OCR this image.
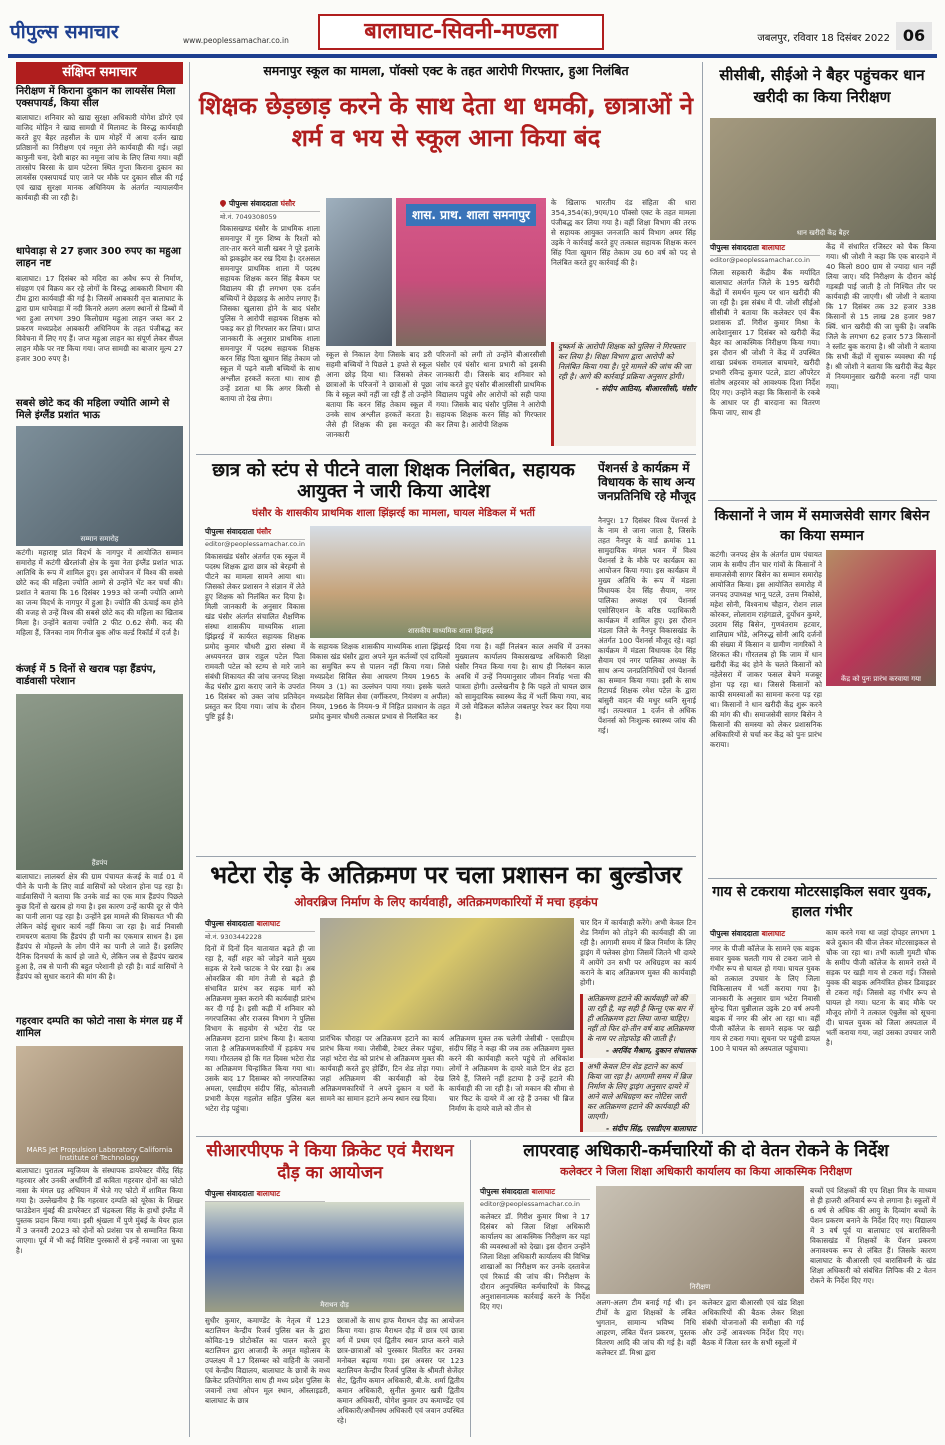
पीपुल्स समाचार	www.peoplessamachar.co.in	बालाघाट-सिवनी-मण्डला	जबलपुर, रविवार 18 दिसंबर 2022 06
संक्षिप्त समाचार
निरीक्षण में किराना दुकान का लायसेंस मिला एक्सपायर्ड, किया सील
बालाघाट। शनिवार को खाद्य सुरक्षा अधिकारी योगेश डोंगरे एवं वाजिद मोहिन ने खाद्य सामग्री में मिलावट के विरुद्ध कार्यवाही करते हुए बैहर तहसील के ग्राम मोहर्रे में आया दर्जन खाद्य प्रतिष्ठानों का निरीक्षण एवं नमूना लेने कार्यवाही की गई। जहां काफुनी चना, देशी बाहर का नमूना जांच के लिए लिया गया। वहीं तारसोप बिरसा के ग्राम पटेरना स्थित गुप्ता किराना दुकान का लायसेंस एक्सपायर्ड पाए जाने पर मौके पर दुकान सील की गई एवं खाद्य सुरक्षा मानक अधिनियम के अंतर्गत न्यायालयीन कार्यवाही की जा रही है।
धापेवाड़ा से 27 हजार 300 रुपए का महुआ लाहन नष्ट
बालाघाट। 17 दिसंबर को मदिरा का अवैध रूप से निर्माण, संग्रहण एवं विक्रय कर रहे लोगों के विरुद्ध आबकारी विभाग की टीम द्वारा कार्यवाही की गई है। जिसमें आबकारी वृत्त बालाघाट के द्वारा ग्राम धापेवाड़ा में नदी किनारे अलग अलग स्थानों से डिब्बों में भरा हुआ लगभग 390 किलोग्राम महुआ लाहन जब्त कर 2 प्रकरण मध्यप्रदेश आबकारी अधिनियम के तहत पंजीबद्ध कर विवेचना में लिए गए हैं। जप्त महुआ लाहन का संपूर्ण लेकर सैंपल लाहन मौके पर नष्ट किया गया। जप्त सामग्री का बाजार मूल्य 27 हजार 300 रुपए है।
सबसे छोटे कद की महिला ज्योति आम्गे से मिले इंग्लैंड प्रशांत भाऊ
सम्मान समारोह
कटंगी। महाराष्ट्र प्रांत विदर्भ के नागपुर में आयोजित सम्मान समारोह में कटंगी खैरलांजी क्षेत्र के युवा नेता इंग्लैंड प्रशांत भाऊ आतिथि के रूप में शामिल हुए। इस आयोजन में विश्व की सबसे छोटे कद की महिला ज्योति आम्गे से उन्होंने भेंट कर चर्चा की। प्रशांत ने बताया कि 16 दिसंबर 1993 को जन्मी ज्योति आम्गे का जन्म विदर्भ के नागपुर में हुआ है। ज्योति की ऊंचाई कम होने की वजह से उन्हें विश्व की सबसे छोटे कद की महिला का खिताब मिला है। उन्होंने बताया ज्योति 2 फीट 0.62 सेमी. कद की महिला हैं, जिनका नाम गिनीज बुक ऑफ वर्ल्ड रिकॉर्ड में दर्ज है।
कंजई में 5 दिनों से खराब पड़ा हैंडपंप, वार्डवासी परेशान
हैंडपंप
बालाघाट। लालबर्रा क्षेत्र की ग्राम पंचायत कंजई के वार्ड 01 में पीने के पानी के लिए वार्ड वासियों को परेशान होना पड़ रहा है। वार्डवासियों ने बताया कि उनके वार्ड का एक मात्र हैंडपंप पिछले कुछ दिनों से खराब हो गया है। इस कारण उन्हें काफी दूर से पीने का पानी लाना पड़ रहा है। उन्होंने इस मामले की शिकायत भी की लेकिन कोई सुधार कार्य नहीं किया जा रहा है। वार्ड निवासी रामचरण बताया कि हैंडपंप ही पानी का एकमात्र साधन है। इस हैंडपंप से मोहल्ले के लोग पीने का पानी ले जाते हैं। इसलिए दैनिक दिनचर्या के कार्य हो जाते थे, लेकिन जब से हैंडपंप खराब हुआ है, तब से पानी की बहुत परेशानी हो रही है। वार्ड वासियों ने हैंडपंप को सुधार कराने की मांग की है।
गहरवार दम्पति का फोटो नासा के मंगल ग्रह में शामिल
MARS Jet Propulsion Laboratory California Institute of Technology
बालाघाट। पुरातत्व म्यूजियम के संस्थापक डायरेक्टर वीरेंद्र सिंह गहरवार और उनकी अर्धांगिनी डॉ कविता गहरवार दोनों का फोटो नासा के मंगल ग्रह अभियान में भेजे गए फोटो में शामिल किया गया है। उल्लेखनीय है कि गहरवार दम्पति को यूरेका के शिखर फाउंडेशन मुंबई की डायरेक्टर डॉ चंद्रकला सिंह के हाथों इंग्लैंड में पुस्तक प्रदान किया गया। इसी श्रृंखला में पुणे मुंबई के मेयर हाल में 3 जनवरी 2023 को दोनों को प्रशंसा पत्र से सम्मानित किया जाएगा। पूर्व में भी कई विशिष्ट पुरस्कारों से इन्हें नवाजा जा चुका है।
समनापुर स्कूल का मामला, पॉक्सो एक्ट के तहत आरोपी गिरफ्तार, हुआ निलंबित
शिक्षक छेड़छाड़ करने के साथ देता था धमकी, छात्राओं ने शर्म व भय से स्कूल आना किया बंद
पीपुल्स संवाददाता घंसौर
मो.नं. 7049308059
विकासखण्ड घंसौर के प्राथमिक शाला समनापुर में गुरु शिष्य के रिश्तों को तार-तार करने वाली खबर ने पूरे इलाके को झकझोर कर रख दिया है। दरअसल समनापुर प्राथमिक शाला में पदस्थ सहायक शिक्षक करन सिंह बैकम पर विद्यालय की ही लगभग एक दर्जन बच्चियों ने छेड़छाड़ के आरोप लगाए हैं। जिसका खुलासा होने के बाद घंसौर पुलिस ने आरोपी सहायक शिक्षक को पकड़ कर हो गिरफ्तार कर लिया। प्राप्त जानकारी के अनुसार प्राथमिक शाला समनापुर में पदस्थ सहायक शिक्षक करन सिंह पिता खुमान सिंह तेकाम जो स्कूल में पढ़ने वाली बच्चियों के साथ अश्लील हरकतें करता था। साथ ही उन्हें डराता था कि अगर किसी से बताया तो देख लेगा।
शास. प्राथ. शाला समनापुर
स्कूल से निकाल देगा जिसके बाद डरी सहमी बच्चियों ने पिछले 1 हफ्ते से स्कूल आना छोड़ दिया था। जिसको लेकर छात्राओं के परिजनों ने छात्राओं से पूछा कि वे स्कूल क्यों नहीं जा रही हैं तो उन्होंने बताया कि करन सिंह तेकाम स्कूल में उनके साथ अश्लील हरकतें करता है। जैसे ही शिक्षक की इस करतूत की जानकारी
परिजनों को लगी तो उन्होंने बीआरसीसी घंसौर एवं घंसौर थाना प्रभारी को इसकी जानकारी दी। जिसके बाद शनिवार को जांच करते हुए घंसौर बीआरसीसी प्राथमिक विद्यालय पहुंचे और आरोपों को सही पाया गया। जिसके बाद घंसौर पुलिस ने आरोपी सहायक शिक्षक करन सिंह को गिरफ्तार कर लिया है। आरोपी शिक्षक
के खिलाफ भारतीय दंड संहिता की धारा 354,354(क),9एम/10 पॉक्सो एक्ट के तहत मामला पंजीबद्ध कर लिया गया है। वहीं शिक्षा विभाग की तरफ से सहायक आयुक्त जनजाति कार्य विभाग अमर सिंह उइके ने कार्रवाई करते हुए तत्काल सहायक शिक्षक करन सिंह पिता खुमान सिंह तेकाम उम्र 60 वर्ष को पद से निलंबित करते हुए कार्रवाई की है।
दुष्कर्म के आरोपी शिक्षक को पुलिस ने गिरफ्तार कर लिया है। शिक्षा विभाग द्वारा आरोपी को निलंबित किया गया है। पूरे मामले की जांच की जा रही है। आगे की कार्रवाई प्रक्रिया अनुसार होगी।
- संदीप आठिया, बीआरसीसी, घंसौर
छात्र को स्टंप से पीटने वाला शिक्षक निलंबित, सहायक आयुक्त ने जारी किया आदेश
घंसौर के शासकीय प्राथमिक शाला झिंझरई का मामला, घायल मेडिकल में भर्ती
पीपुल्स संवाददाता घंसौर
editor@peoplessamachar.co.in
विकासखंड घंसौर अंतर्गत एक स्कूल में पदस्थ शिक्षक द्वारा छात्र को बेरहमी से पीटने का मामला सामने आया था। जिसको लेकर प्रशासन ने संज्ञान में लेते हुए शिक्षक को निलंबित कर दिया है। मिली जानकारी के अनुसार विकास खंड घंसौर अंतर्गत संचालित शैक्षणिक संस्था शासकीय माध्यमिक शाला झिंझरई में कार्यरत सहायक शिक्षक प्रमोद कुमार चौधरी द्वारा संस्था में अध्ययनरत छात्र राहुल पटेल पिता रामवती पटेल को स्टम्प से मारे जाने संबंधी शिकायत की जांच जनपद शिक्षा केंद्र घंसौर द्वारा कराए जाने के उपरांत 16 दिसंबर को उक्त जांच प्रतिवेदन प्रस्तुत कर दिया गया। जांच के दौरान पुष्टि हुई है।
शासकीय माध्यमिक शाला झिंझरई
के सहायक शिक्षक शासकीय माध्यमिक शाला झिंझरई विकास खंड घंसौर द्वारा अपने मूल कर्तव्यों एवं दायित्वों का समुचित रूप से पालन नहीं किया गया। जिसे मध्यप्रदेश सिविल सेवा आचरण नियम 1965 के नियम 3 (1) का उल्लंघन पाया गया। इसके चलते मध्यप्रदेश सिविल सेवा (वर्गीकरण, नियंत्रण व अपील) नियम, 1966 के नियम-9 में निहित प्रावधान के तहत प्रमोद कुमार चौधरी तत्काल प्रभाव से निलंबित कर
दिया गया है। वहीं निलंबन काल अवधि में उनका मुख्यालय कार्यालय विकासखण्ड अधिकारी शिक्षा घंसौर नियत किया गया है। साथ ही निलंबन काल अवधि में उन्हें नियमानुसार जीवन निर्वाह भत्ता की पात्रता होगी। उल्लेखनीय है कि पहले तो घायल छात्र को सामुदायिक स्वास्थ्य केंद्र में भर्ती किया गया, बाद में उसे मेडिकल कॉलेज जबलपुर रेफर कर दिया गया है।
पेंशनर्स डे कार्यक्रम में विधायक के साथ अन्य जनप्रतिनिधि रहे मौजूद
नैनपुर। 17 दिसंबर विश्व पेंशनर्स डे के नाम से जाना जाता है, जिसके तहत नैनपुर के वार्ड क्रमांक 11 सामुदायिक मंगल भवन में विश्व पेंशनर्स डे के मौके पर कार्यक्रम का आयोजन किया गया। इस कार्यक्रम में मुख्य अतिथि के रूप में मंडला विधायक देव सिंह सैयाम, नगर पालिका अध्यक्ष एवं पेंशनर्स एसोसिएशन के वरिष्ठ पदाधिकारी कार्यक्रम में शामिल हुए। इस दौरान मंडला जिले के नैनपुर विकासखंड के अंतर्गत 100 पेंशनर्स मौजूद रहे। वहां कार्यक्रम में मंडला विधायक देव सिंह सैयाम एवं नगर पालिका अध्यक्ष के साथ अन्य जनप्रतिनिधियों एवं पेंशनर्स का सम्मान किया गया। इसी के साथ रिटायर्ड शिक्षक रमेश पटेल के द्वारा बांसुरी वादन की मधुर ध्वनि सुनाई गई। तत्पश्चात 1 दर्जन से अधिक पेंशनर्स को निःशुल्क स्वास्थ्य जांच की गई।
भटेरा रोड़ के अतिक्रमण पर चला प्रशासन का बुल्डोजर
ओवरब्रिज निर्माण के लिए कार्यवाही, अतिक्रमणकारियों में मचा हड़कंप
पीपुल्स संवाददाता बालाघाट
मो.नं. 9303442228
दिनों में दिनों दिन यातायात बढ़ते ही जा रहा है, वहीं शहर को जोड़ने वाले मुख्य सड़क से रेल्वे फाटक ने घेर रखा है। अब ओवरब्रिज की मांग तेजी से बढ़ते ही संभावित प्रारंभ कर सड़क मार्ग को अतिक्रमण मुक्त कराने की कार्यवाही प्रारंभ कर दी गई है। इसी कड़ी में शनिवार को नगरपालिका और राजस्व विभाग ने पुलिस विभाग के सहयोग से भटेरा रोड पर अतिक्रमण हटाना प्रारंभ किया है। बताया जाता है अतिक्रमणकारियों में हड़कंप मच गया। गौरतलब हो कि गत दिवस भटेरा रोड का अतिक्रमण चिन्हांकित किया गया था। उसके बाद 17 दिसम्बर को नगरपालिका अमला, एसडीएम संदीप सिंह, कोतवाली प्रभारी केएस गहलोत सहित पुलिस बल भटेरा रोड़ पहुंचा।
प्रारंभिक चौराहा पर अतिक्रमण हटाने का कार्य प्रारंभ किया गया। जेसीबी, टेक्टर लेकर पहुंचा, जहां भटेरा रोड को प्रारंभ से अतिक्रमण मुक्त की कार्यवाही करते हुए होर्डिंग, टिन शेड तोड़ा गया। जहां अतिक्रमण की कार्यवाही को देख अतिक्रमणकारियों ने अपने दुकान व घरों के सामने का सामान हटाने अन्य स्थान रख दिया।
अतिक्रमण मुक्त तक चलेगी जेसीबी - एसडीएम संदीप सिंह ने कहा की जब तक अतिक्रमण मुक्त करने की कार्यवाही करने पहुंचे तो अधिकांश लोगों ने अतिक्रमण के दायरे वाले टिन शेड हटा लिये हैं, जिसने नहीं हटाया है उन्हें हटाने की कार्यवाही की जा रही है। जो मकान की सीमा से चार फिट के दायरे में आ रहे हैं उनका भी ब्रिज निर्माण के दायरे वाले को तीन से
चार दिन में कार्यवाही करेंगे। अभी केवल टिन शेड निर्माण को तोड़ने की कार्यवाही की जा रही है। आगामी समय में ब्रिज निर्माण के लिए ड्राइंग में फ्लेक्स होगा जिसमें जितने भी दायरे में आयेंगे उन सभी पर अधिग्रहण का कार्य कराने के बाद अतिक्रमण मुक्त की कार्यवाही होगी।
अतिक्रमण हटाने की कार्यवाही जो की जा रही है, वह सही है किन्तु एक बार में ही अतिक्रमण हटा लिया जाना चाहिए। नहीं तो फिर दो-तीन वर्ष बाद अतिक्रमण के नाम पर तोड़फोड़ की जाती है।
- अरविंद मैश्राम, दुकान संचालक
अभी केवल टिन शेड हटाने का कार्य किया जा रहा है। आगामी समय में ब्रिज निर्माण के लिए ड्राइंग अनुसार दायरे में आने वाले अधिग्रहण कर नोटिस जारी कर अतिक्रमण हटाने की कार्यवाही की जाएगी।
- संदीप सिंह, एसडीएम बालाघाट
सीआरपीएफ ने किया क्रिकेट एवं मैराथन दौड़ का आयोजन
पीपुल्स संवाददाता बालाघाट
मैराथन दौड़
सुधीर कुमार, कमाण्डेंट के नेतृत्व में 123 बटालियन केन्द्रीय रिजर्व पुलिस बल के द्वारा कोविड-19 प्रोटोकॉल का पालन करते हुए बटालियन द्वारा आजादी के अमृत महोत्सव के उपलक्ष्य में 17 दिसम्बर को वाहिनी के जवानों एवं केन्द्रीय विद्यालय, बालाघाट के छात्रों के मध्य क्रिकेट प्रतियोगिता साथ ही मध्य प्रदेश पुलिस के जवानों तथा ओपन मूल स्थान, ऑस्लाइडरी, बालाघाट के छात्र
छात्राओं के साथ हाफ मैराथन दौड़ का आयोजन किया गया। हाफ मैराथन दौड़ में छात्र एवं छात्रा वर्ग में प्रथम एवं द्वितीय स्थान प्राप्त करने वाले छात्र-छात्राओं को पुरस्कार वितरित कर उनका मनोबल बढ़ाया गया। इस अवसर पर 123 बटालियन केन्द्रीय रिजर्व पुलिस के श्रीमती सेजेंदर सेट, द्वितीय कमान अधिकारी, बी.के. शर्मा द्वितीय कमान अधिकारी, सुनील कुमार खत्री द्वितीय कमान अधिकारी, योगेश कुमार उप कमाण्डेंट एवं अधिकारी/अधीनस्थ अधिकारी एवं जवान उपस्थित रहे।
लापरवाह अधिकारी-कर्मचारियों की दो वेतन रोकने के निर्देश
कलेक्टर ने जिला शिक्षा अधिकारी कार्यालय का किया आकस्मिक निरीक्षण
पीपुल्स संवाददाता बालाघाट
editor@peoplessamachar.co.in
कलेक्टर डॉ. गिरीश कुमार मिश्रा ने 17 दिसंबर को जिला शिक्षा अधिकारी कार्यालय का आकस्मिक निरीक्षण कर यहां की व्यवस्थाओं को देखा। इस दौरान उन्होंने जिला शिक्षा अधिकारी कार्यालय की विभिन्न शाखाओं का निरीक्षण कर उनके दस्तावेज एवं रिकार्ड की जांच की। निरीक्षण के दौरान अनुपस्थित कर्मचारियों के विरुद्ध अनुशासनात्मक कार्रवाई करने के निर्देश दिए गए।
निरीक्षण
अलग-अलग टीम बनाई गई थी। इन टीमों के द्वारा शिक्षकों के लंबित भुगतान, सामान्य भविष्य निधि आहरण, लंबित पेंशन प्रकरण, पुस्तक वितरण आदि की जांच की गई है। वहीं कलेक्टर डॉ. मिश्रा द्वारा
कलेक्टर द्वारा बीआरसी एवं खंड शिक्षा अधिकारियों की बैठक लेकर शिक्षा संबंधी योजनाओं की समीक्षा की गई और उन्हें आवश्यक निर्देश दिए गए। बैठक में जिला स्तर के सभी स्कूलों में
बच्चों एवं शिक्षकों की एप शिक्षा मित्र के माध्यम से ही हाजरी अनिवार्य रूप से लगाना है। स्कूलों में 6 वर्ष से अधिक की आयु के दिव्यांग बच्चों के पेंशन प्रकरण बनाने के निर्देश दिए गए। विद्यालय में 3 वर्ष पूर्व या बालाघाट एवं बारासिवनी विकासखंड में शिक्षकों के पेंशन प्रकरण अनावश्यक रूप से लंबित हैं। जिसके कारण बालाघाट के बीआरसी एवं बारासिवनी के खंड शिक्षा अधिकारी को संबंधित लिपिक की 2 वेतन रोकने के निर्देश दिए गए।
सीसीबी, सीईओ ने बैहर पहुंचकर धान खरीदी का किया निरीक्षण
धान खरीदी केंद्र बैहर
पीपुल्स संवाददाता बालाघाट
editor@peoplessamachar.co.in
जिला सहकारी केंद्रीय बैंक मर्यादित बालाघाट अंतर्गत जिले के 195 खरीदी केंद्रों में समर्थन मूल्य पर धान खरीदी की जा रही है। इस संबंध में पी. जोशी सीईओ सीसीबी ने बताया कि कलेक्टर एवं बैंक प्रशासक डॉ. गिरीश कुमार मिश्रा के आदेशानुसार 17 दिसंबर को खरीदी केंद्र बैहर का आकस्मिक निरीक्षण किया गया। इस दौरान श्री जोशी ने केंद्र में उपस्थित शाखा प्रबंधक रामलाल बाघमारे, खरीदी प्रभारी रविन्द्र कुमार पटले, डाटा ऑपरेटर संतोष अहरवार को आवश्यक दिशा निर्देश दिए गए। उन्होंने कहा कि किसानों के रकबे के आधार पर ही बारदाना का वितरण किया जाए, साथ ही
केंद्र में संधारित रजिस्टर को चैक किया गया। श्री जोशी ने कहा कि एक बारदाने में 40 किलो 800 ग्राम से ज्यादा धान नहीं लिया जाए। यदि निरीक्षण के दौरान कोई गड़बड़ी पाई जाती है तो निश्चित तौर पर कार्यवाही की जाएगी। श्री जोशी ने बताया कि 17 दिसंबर तक 32 हजार 338 किसानों से 15 लाख 28 हजार 987 क्विं. धान खरीदी की जा चुकी है। जबकि जिले के लगभग 62 हजार 573 किसानों ने स्लॉट बुक कराया है। श्री जोशी ने बताया कि सभी केंद्रों में सुचारू व्यवस्था की गई है। श्री जोशी ने बताया कि खरीदी केंद्र बैहर में नियमानुसार खरीदी करना नहीं पाया गया।
किसानों ने जाम में समाजसेवी सागर बिसेन का किया सम्मान
कटंगी। जनपद क्षेत्र के अंतर्गत ग्राम पंचायत जाम के समीप तीन चार गांवों के किसानों ने समाजसेवी सागर बिसेन का सम्मान समारोह आयोजित किया। इस आयोजित समारोह में जनपद उपाध्यक्ष भानू पटले, उत्तम निकोसे, महेश सोनी, विश्वनाथ चौहान, रोशन लाल कोरकर, लोलाराम राहंगडाले, दुर्योधन कुमरे, उदराम सिंह बिसेन, गुणवंतराम हटवार, शालिग्राम भोंडे, अनिरुद्ध सोनी आदि दर्जनों की संख्या में किसान व ग्रामीण नागरिकों ने शिरकत की। गौरतलब हो कि जाम में धान खरीदी केंद्र बंद होने के चलते किसानों को नहेलेसरा में जाकर फसल बेचने मजबूर होना पड़ रहा था। जिससे किसानों को काफी समस्याओं का सामना करना पड़ रहा था। किसानों ने धान खरीदी केंद्र शुरू करने की मांग की थी। समाजसेवी सागर बिसेन ने किसानों की समस्या को लेकर प्रशासनिक अधिकारियों से चर्चा कर केंद्र को पुनः प्रारंभ कराया।
केंद्र को पुनः प्रारंभ करवाया गया
गाय से टकराया मोटरसाइकिल सवार युवक, हालत गंभीर
पीपुल्स संवाददाता बालाघाट
नगर के पीजी कॉलेज के सामने एक बाइक सवार युवक चलती गाय से टकरा जाने से गंभीर रूप से घायल हो गया। घायल युवक को तत्काल उपचार के लिए जिला चिकित्सालय में भर्ती कराया गया है। जानकारी के अनुसार ग्राम भटेरा निवासी सुरेन्द्र पिता चुन्नीलाल उइके 20 वर्ष अपनी बाइक में नगर की ओर आ रहा था। वहीं पीजी कॉलेज के सामने सड़क पर खड़ी गाय से टकरा गया। सूचना पर पहुंची डायल 100 ने घायल को अस्पताल पहुंचाया।
काम करने गया था जहां दोपहर लगभग 1 बजे दुकान की चीज लेकर मोटरसाइकल से चौक जा रहा था। तभी काली गुमटी चौक के समीप पीजी कॉलेज के सामने रास्ते में सड़क पर खड़ी गाय से टकरा गई। जिससे युवक की बाइक अनियंत्रित होकर डिवाइडर से टकरा गई। जिससे वह गंभीर रूप से घायल हो गया। घटना के बाद मौके पर मौजूद लोगों ने तत्काल एंबुलेंस को सूचना दी। घायल युवक को जिला अस्पताल में भर्ती कराया गया, जहां उसका उपचार जारी है।
